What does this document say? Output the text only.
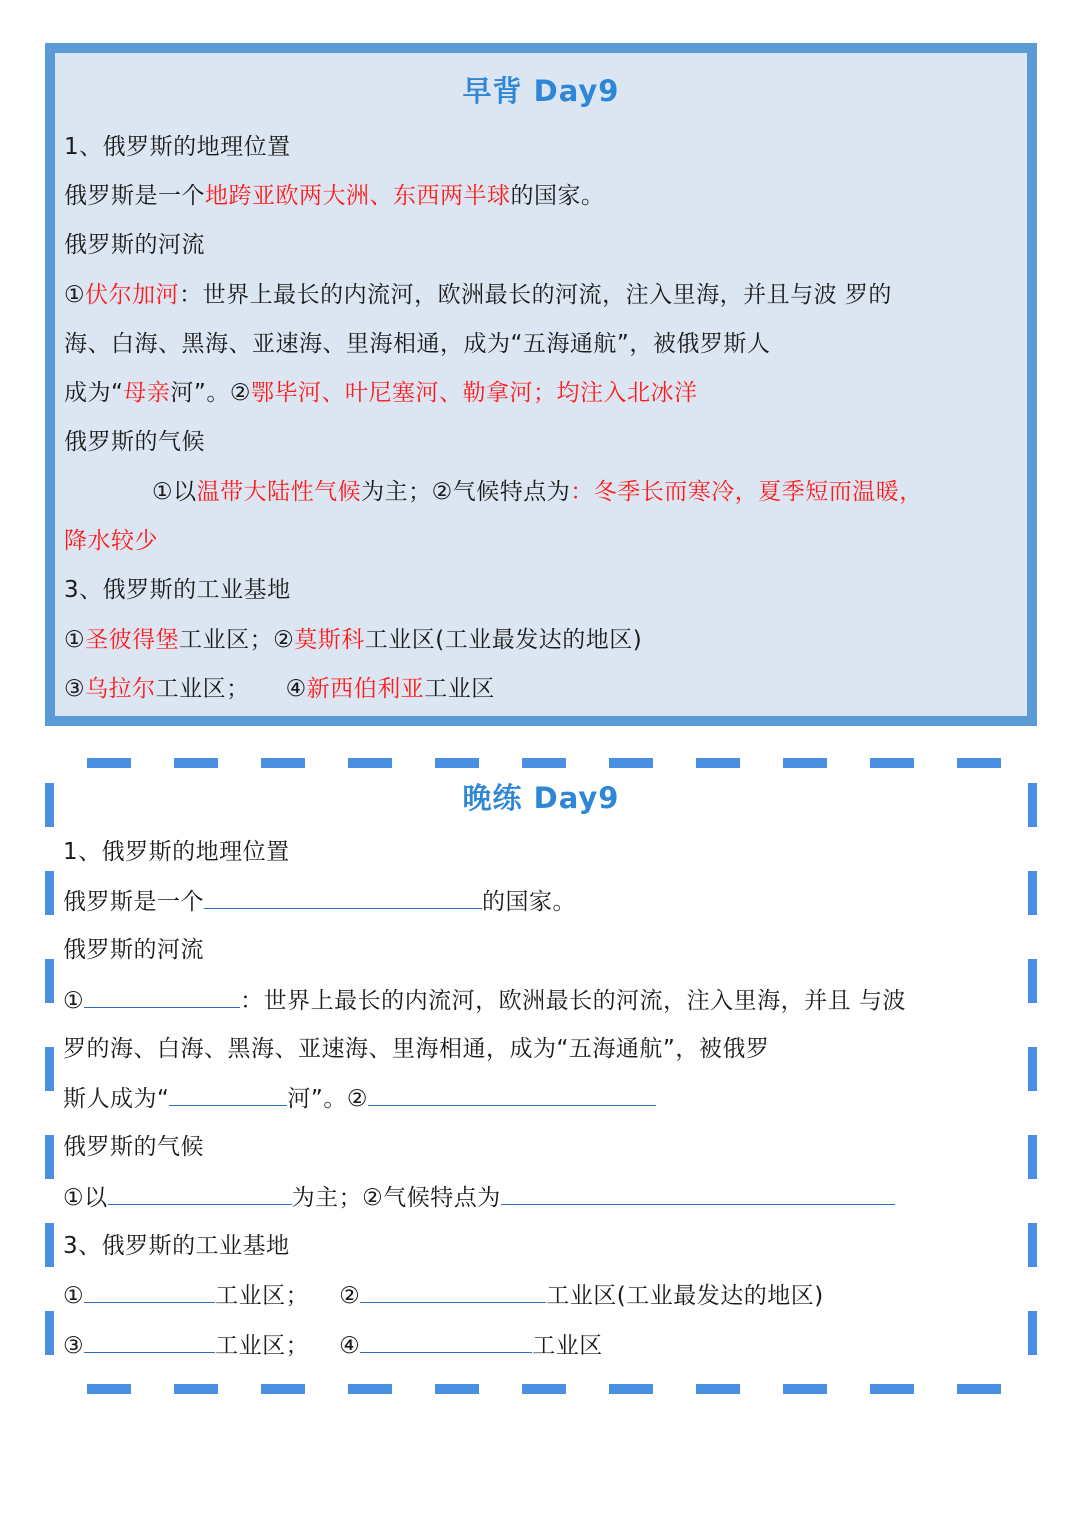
早背 Day9
1、俄罗斯的地理位置
俄罗斯是一个地跨亚欧两大洲、东西两半球的国家。
俄罗斯的河流
①伏尔加河：世界上最长的内流河，欧洲最长的河流，注入里海，并且与波 罗的
海、白海、黑海、亚速海、里海相通，成为“五海通航”，被俄罗斯人
成为“母亲河”。②鄂毕河、叶尼塞河、勒拿河；均注入北冰洋
俄罗斯的气候
①以温带大陆性气候为主；②气候特点为：冬季长而寒冷，夏季短而温暖，
降水较少
3、俄罗斯的工业基地
①圣彼得堡工业区；②莫斯科工业区(工业最发达的地区)
③乌拉尔工业区； ④新西伯利亚工业区
晚练 Day9
1、俄罗斯的地理位置
俄罗斯是一个	的国家。
俄罗斯的河流
①	：世界上最长的内流河，欧洲最长的河流，注入里海，并且 与波
罗的海、白海、黑海、亚速海、里海相通，成为“五海通航”，被俄罗
斯人成为“	河”。②
俄罗斯的气候
①以	为主；②气候特点为
3、俄罗斯的工业基地
①	工业区； ②	工业区(工业最发达的地区)
③	工业区； ④	工业区
